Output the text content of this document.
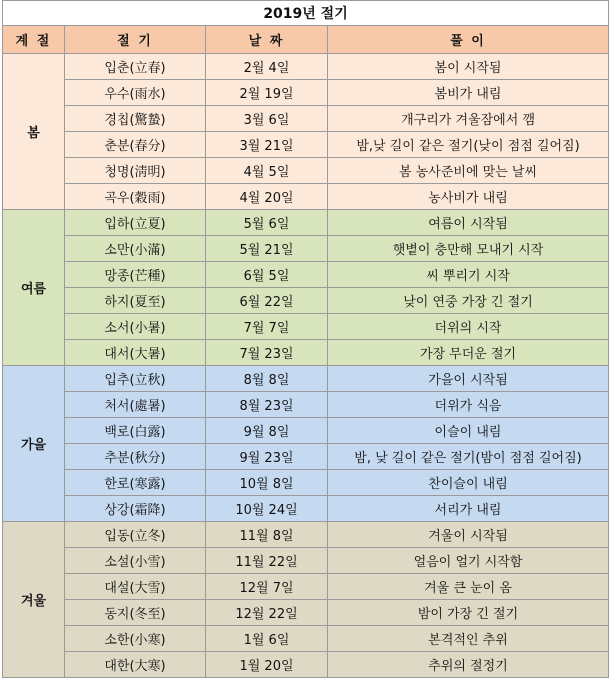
2019년 절기			
계 절	절 기	날 짜	풀 이
봄	입춘(立春)	2월 4일	봄이 시작됨
	우수(雨水)	2월 19일	봄비가 내림
	경칩(驚蟄)	3월 6일	개구리가 겨울잠에서 깸
	춘분(春分)	3월 21일	밤,낮 길이 같은 절기(낮이 점점 길어짐)
	청명(淸明)	4월 5일	봄 농사준비에 맞는 날씨
	곡우(穀雨)	4월 20일	농사비가 내림
여름	입하(立夏)	5월 6일	여름이 시작됨
	소만(小滿)	5월 21일	햇볕이 충만해 모내기 시작
	망종(芒種)	6월 5일	씨 뿌리기 시작
	하지(夏至)	6월 22일	낮이 연중 가장 긴 절기
	소서(小暑)	7월 7일	더위의 시작
	대서(大暑)	7월 23일	가장 무더운 절기
가을	입추(立秋)	8월 8일	가을이 시작됨
	처서(處暑)	8월 23일	더위가 식음
	백로(白露)	9월 8일	이슬이 내림
	추분(秋分)	9월 23일	밤, 낮 길이 같은 절기(밤이 점점 길어짐)
	한로(寒露)	10월 8일	찬이슬이 내림
	상강(霜降)	10월 24일	서리가 내림
겨울	입동(立冬)	11월 8일	겨울이 시작됨
	소설(小雪)	11월 22일	얼음이 얼기 시작함
	대설(大雪)	12월 7일	겨울 큰 눈이 옴
	동지(冬至)	12월 22일	밤이 가장 긴 절기
	소한(小寒)	1월 6일	본격적인 추위
	대한(大寒)	1월 20일	추위의 절정기
